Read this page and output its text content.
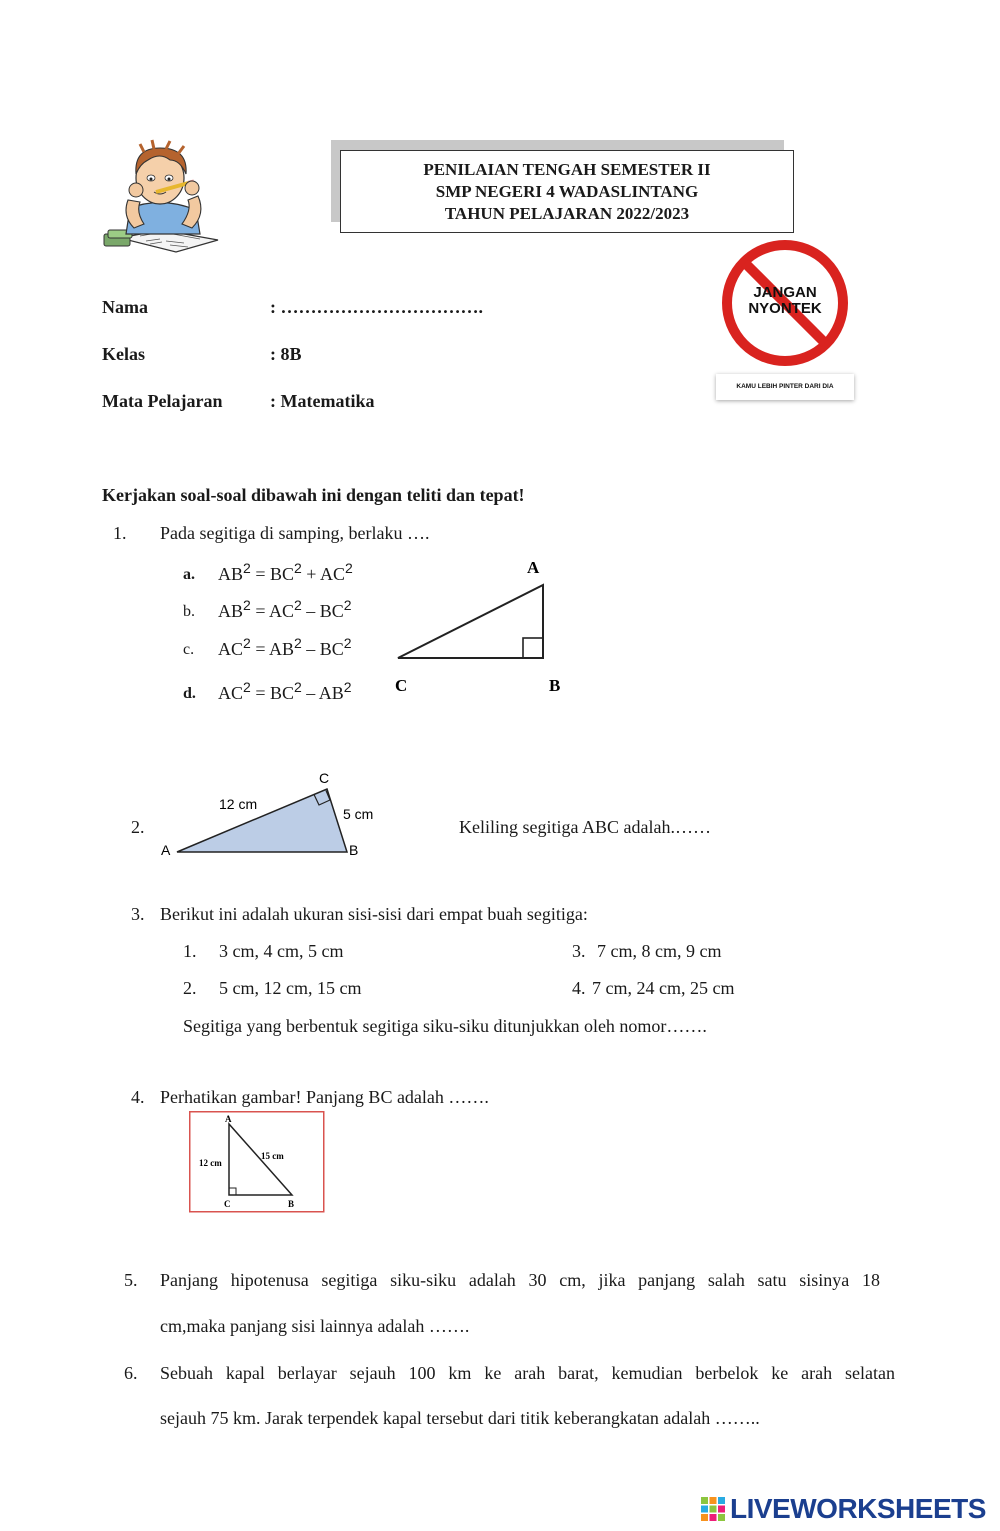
PENILAIAN TENGAH SEMESTER II
SMP NEGERI 4 WADASLINTANG
TAHUN PELAJARAN 2022/2023
JANGAN
NYONTEK
KAMU LEBIH PINTER DARI DIA
Nama	: …………………………….
Kelas	: 8B
Mata Pelajaran	: Matematika
Kerjakan soal-soal dibawah ini dengan teliti dan tepat!
1. Pada segitiga di samping, berlaku ….
a. $AB^2 = BC^2 + AC^2$
b. $AB^2 = AC^2 - BC^2$
c. $AC^2 = AB^2 - BC^2$
d. $AC^2 = BC^2 - AB^2$
A
C	B
2.
C
A	B
12 cm
5 cm
Keliling segitiga ABC adalah.……
3. Berikut ini adalah ukuran sisi-sisi dari empat buah segitiga:
1. 3 cm, 4 cm, 5 cm
2. 5 cm, 12 cm, 15 cm
3. 7 cm, 8 cm, 9 cm
4. 7 cm, 24 cm, 25 cm
Segitiga yang berbentuk segitiga siku-siku ditunjukkan oleh nomor…….
4. Perhatikan gambar! Panjang BC adalah …….
A
C	B
12 cm
15 cm
5. Panjang hipotenusa segitiga siku-siku adalah 30 cm, jika panjang salah satu sisinya 18
cm,maka panjang sisi lainnya adalah …….
6. Sebuah kapal berlayar sejauh 100 km ke arah barat, kemudian berbelok ke arah selatan
sejauh 75 km. Jarak terpendek kapal tersebut dari titik keberangkatan adalah ……..
LIVEWORKSHEETS
